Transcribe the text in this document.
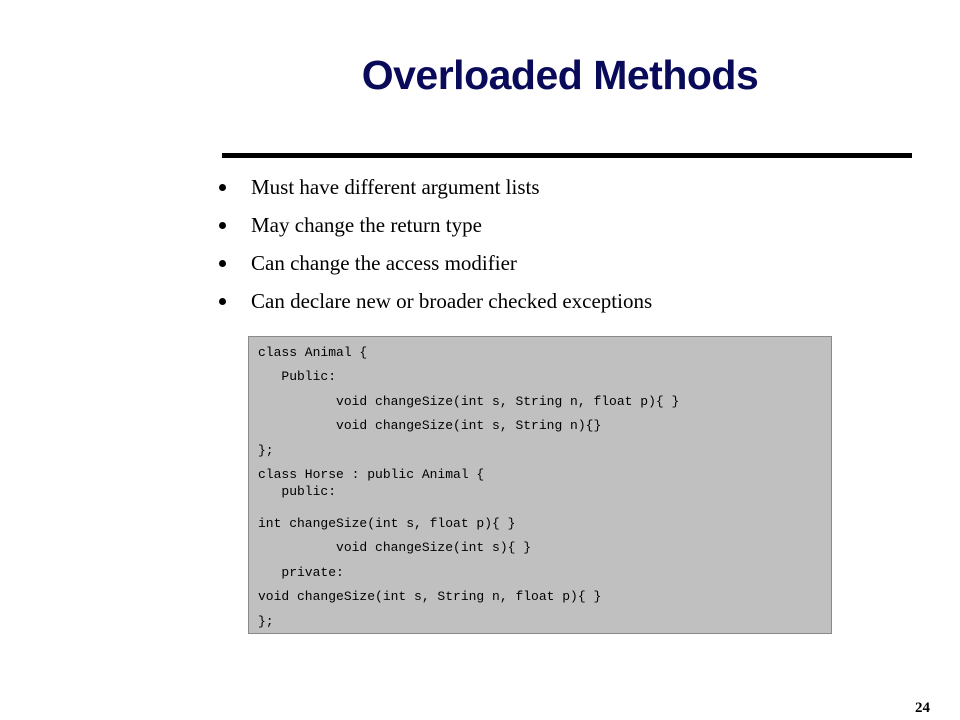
Overloaded Methods
Must have different argument lists
May change the return type
Can change the access modifier
Can declare new or broader checked exceptions
class Animal {
Public:
void changeSize(int s, String n, float p){ }
void changeSize(int s, String n){}
};
class Horse : public Animal {
public:
int changeSize(int s, float p){ }
void changeSize(int s){ }
private:
void changeSize(int s, String n, float p){ }
};
24
